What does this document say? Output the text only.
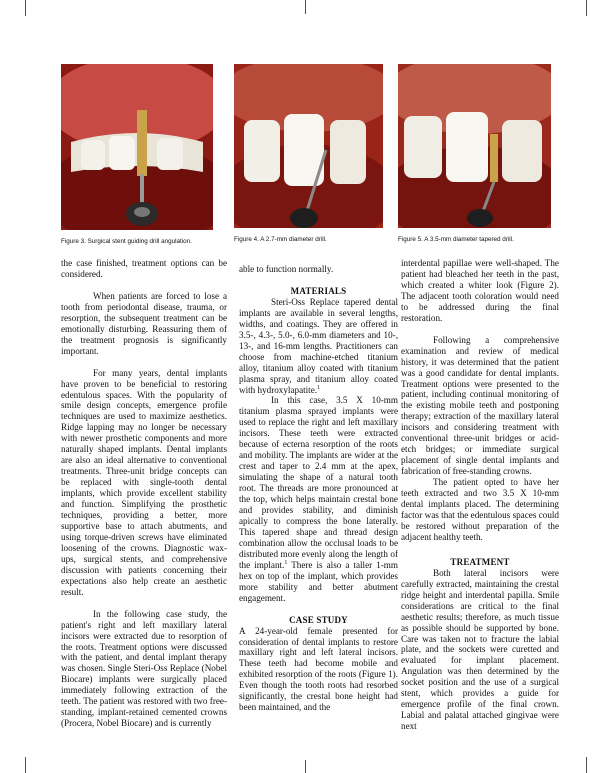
Figure 3. Surgical stent guiding drill angulation.	Figure 4. A 2.7-mm diameter drill.	Figure 5. A 3.5-mm diameter tapered drill.

the case finished, treatment options can be considered.

When patients are forced to lose a tooth from periodontal disease, trauma, or resorption, the subsequent treatment can be emotionally disturbing. Reassuring them of the treatment prognosis is significantly important.

For many years, dental implants have proven to be beneficial to restoring edentulous spaces. With the popularity of smile design concepts, emergence profile techniques are used to maximize aesthetics. Ridge lapping may no longer be necessary with newer prosthetic components and more naturally shaped implants. Dental implants are also an ideal alternative to conventional treatments. Three-unit bridge concepts can be replaced with single-tooth dental implants, which provide excellent stability and function. Simplifying the prosthetic techniques, providing a better, more supportive base to attach abutments, and using torque-driven screws have eliminated loosening of the crowns. Diagnostic wax-ups, surgical stents, and comprehensive discussion with patients concerning their expectations also help create an aesthetic result.

In the following case study, the patient's right and left maxillary lateral incisors were extracted due to resorption of the roots. Treatment options were discussed with the patient, and dental implant therapy was chosen. Single Steri-Oss Replace (Nobel Biocare) implants were surgically placed immediately following extraction of the teeth. The patient was restored with two free-standing, implant-retained cemented crowns (Procera, Nobel Biocare) and is currently

able to function normally.

MATERIALS

Steri-Oss Replace tapered dental implants are available in several lengths, widths, and coatings. They are offered in 3.5-, 4.3-, 5.0-, 6.0-mm diameters and 10-, 13-, and 16-mm lengths. Practitioners can choose from machine-etched titanium alloy, titanium alloy coated with titanium plasma spray, and titanium alloy coated with hydroxylapatite.$^1$

In this case, 3.5 X 10-mm titanium plasma sprayed implants were used to replace the right and left maxillary incisors. These teeth were extracted because of ecterna resorption of the roots and mobility. The implants are wider at the crest and taper to 2.4 mm at the apex, simulating the shape of a natural tooth root. The threads are more pronounced at the top, which helps maintain crestal bone and provides stability, and diminish apically to compress the bone laterally. This tapered shape and thread design combination allow the occlusal loads to be distributed more evenly along the length of the implant.$^1$ There is also a taller 1-mm hex on top of the implant, which provides more stability and better abutment engagement.

CASE STUDY

A 24-year-old female presented for consideration of dental implants to restore maxillary right and left lateral incisors. These teeth had become mobile and exhibited resorption of the roots (Figure 1). Even though the tooth roots had resorbed significantly, the crestal bone height had been maintained, and the

interdental papillae were well-shaped. The patient had bleached her teeth in the past, which created a whiter look (Figure 2). The adjacent tooth coloration would need to be addressed during the final restoration.

Following a comprehensive examination and review of medical history, it was determined that the patient was a good candidate for dental implants. Treatment options were presented to the patient, including continual monitoring of the existing mobile teeth and postponing therapy; extraction of the maxillary lateral incisors and considering treatment with conventional three-unit bridges or acid-etch bridges; or immediate surgical placement of single dental implants and fabrication of free-standing crowns.

The patient opted to have her teeth extracted and two 3.5 X 10-mm dental implants placed. The determining factor was that the edentulous spaces could be restored without preparation of the adjacent healthy teeth.

TREATMENT

Both lateral incisors were carefully extracted, maintaining the crestal ridge height and interdental papilla. Smile considerations are critical to the final aesthetic results; therefore, as much tissue as possible should be supported by bone. Care was taken not to fracture the labial plate, and the sockets were curetted and evaluated for implant placement. Angulation was then determined by the socket position and the use of a surgical stent, which provides a guide for emergence profile of the final crown. Labial and palatal attached gingivae were next
